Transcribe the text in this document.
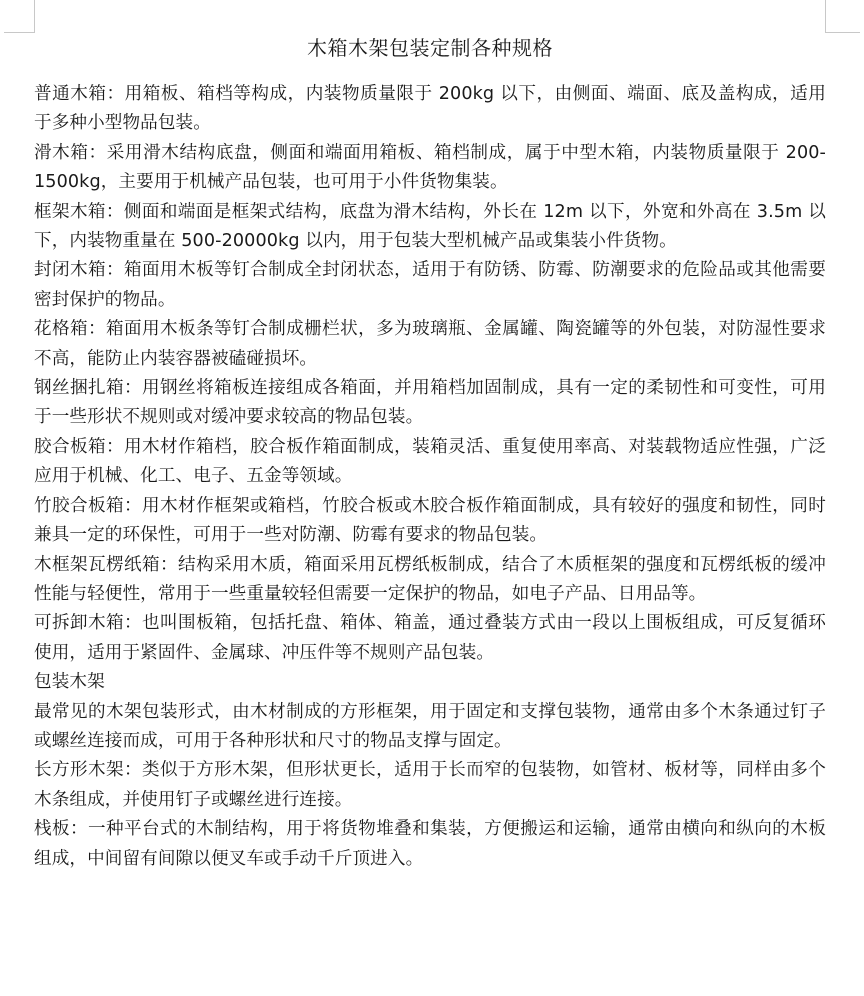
木箱木架包装定制各种规格

普通木箱：用箱板、箱档等构成，内装物质量限于 200kg 以下，由侧面、端面、底及盖构成，适用于多种小型物品包装。

滑木箱：采用滑木结构底盘，侧面和端面用箱板、箱档制成，属于中型木箱，内装物质量限于 200-1500kg，主要用于机械产品包装，也可用于小件货物集装。

框架木箱：侧面和端面是框架式结构，底盘为滑木结构，外长在 12m 以下，外宽和外高在 3.5m 以下，内装物重量在 500-20000kg 以内，用于包装大型机械产品或集装小件货物。

封闭木箱：箱面用木板等钉合制成全封闭状态，适用于有防锈、防霉、防潮要求的危险品或其他需要密封保护的物品。

花格箱：箱面用木板条等钉合制成栅栏状，多为玻璃瓶、金属罐、陶瓷罐等的外包装，对防湿性要求不高，能防止内装容器被磕碰损坏。

钢丝捆扎箱：用钢丝将箱板连接组成各箱面，并用箱档加固制成，具有一定的柔韧性和可变性，可用于一些形状不规则或对缓冲要求较高的物品包装。

胶合板箱：用木材作箱档，胶合板作箱面制成，装箱灵活、重复使用率高、对装载物适应性强，广泛应用于机械、化工、电子、五金等领域。

竹胶合板箱：用木材作框架或箱档，竹胶合板或木胶合板作箱面制成，具有较好的强度和韧性，同时兼具一定的环保性，可用于一些对防潮、防霉有要求的物品包装。

木框架瓦楞纸箱：结构采用木质，箱面采用瓦楞纸板制成，结合了木质框架的强度和瓦楞纸板的缓冲性能与轻便性，常用于一些重量较轻但需要一定保护的物品，如电子产品、日用品等。

可拆卸木箱：也叫围板箱，包括托盘、箱体、箱盖，通过叠装方式由一段以上围板组成，可反复循环使用，适用于紧固件、金属球、冲压件等不规则产品包装。

包装木架

最常见的木架包装形式，由木材制成的方形框架，用于固定和支撑包装物，通常由多个木条通过钉子或螺丝连接而成，可用于各种形状和尺寸的物品支撑与固定。

长方形木架：类似于方形木架，但形状更长，适用于长而窄的包装物，如管材、板材等，同样由多个木条组成，并使用钉子或螺丝进行连接。

栈板：一种平台式的木制结构，用于将货物堆叠和集装，方便搬运和运输，通常由横向和纵向的木板组成，中间留有间隙以便叉车或手动千斤顶进入。
